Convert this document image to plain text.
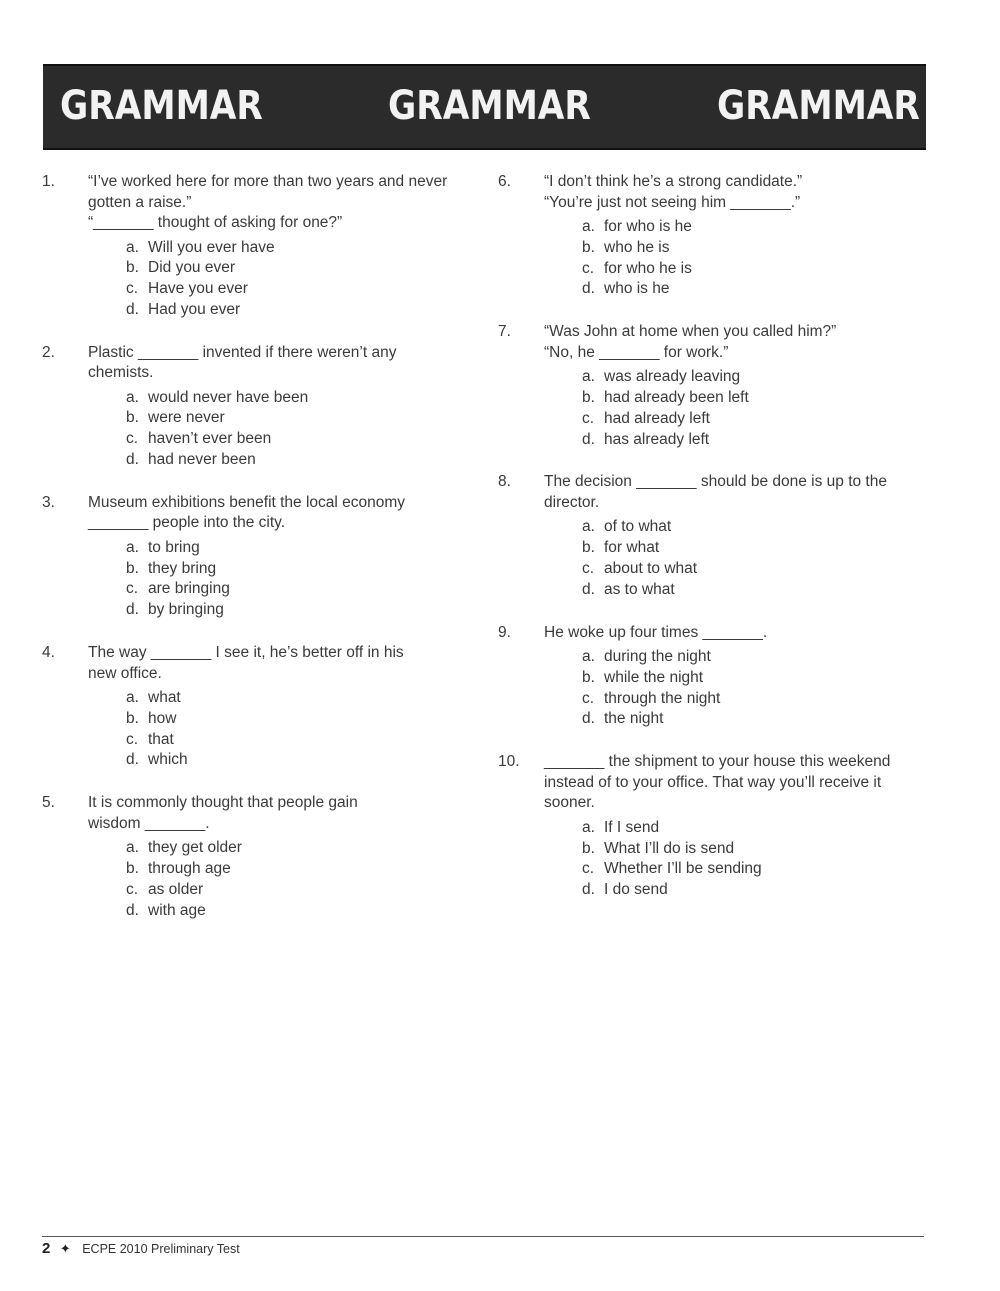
GRAMMAR	GRAMMAR	GRAMMAR
1.	“I’ve worked here for more than two years and never
gotten a raise.”
“_______ thought of asking for one?”
a. Will you ever have
b. Did you ever
c. Have you ever
d. Had you ever
2.	Plastic _______ invented if there weren’t any
chemists.
a. would never have been
b. were never
c. haven’t ever been
d. had never been
3.	Museum exhibitions benefit the local economy
_______ people into the city.
a. to bring
b. they bring
c. are bringing
d. by bringing
4.	The way _______ I see it, he’s better off in his
new office.
a. what
b. how
c. that
d. which
5.	It is commonly thought that people gain
wisdom _______.
a. they get older
b. through age
c. as older
d. with age
6.	“I don’t think he’s a strong candidate.”
“You’re just not seeing him _______.”
a. for who is he
b. who he is
c. for who he is
d. who is he
7.	“Was John at home when you called him?”
“No, he _______ for work.”
a. was already leaving
b. had already been left
c. had already left
d. has already left
8.	The decision _______ should be done is up to the
director.
a. of to what
b. for what
c. about to what
d. as to what
9.	He woke up four times _______.
a. during the night
b. while the night
c. through the night
d. the night
10.	_______ the shipment to your house this weekend
instead of to your office. That way you’ll receive it
sooner.
a. If I send
b. What I’ll do is send
c. Whether I’ll be sending
d. I do send
2 ✦ ECPE 2010 Preliminary Test
